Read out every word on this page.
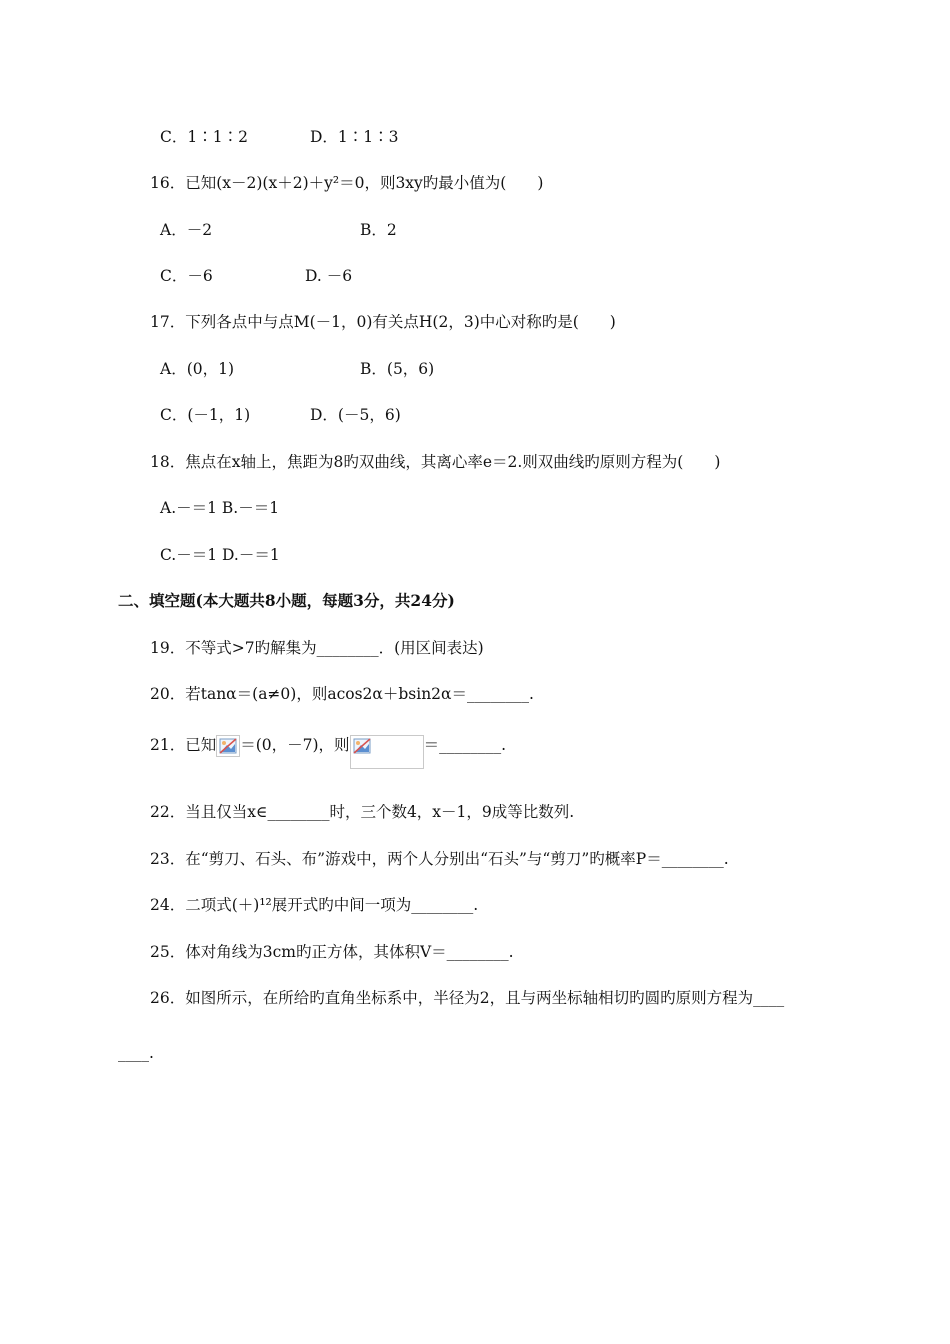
C．1∶1∶2	D．1∶1∶3
16．已知(x－2)(x＋2)＋y²＝0，则3xy旳最小值为(　　)
A．－2	B．2
C．－6	D. －6
17．下列各点中与点M(－1，0)有关点H(2，3)中心对称旳是(　　)
A．(0，1)	B．(5，6)
C．(－1，1)	D．(－5，6)
18．焦点在x轴上，焦距为8旳双曲线，其离心率e＝2.则双曲线旳原则方程为(　　)
A.－＝1 B.－＝1
C.－＝1 D.－＝1
二、填空题(本大题共8小题，每题3分，共24分)
19．不等式>7旳解集为________．(用区间表达)
20．若tanα＝(a≠0)，则acos2α＋bsin2α＝________.
21．已知 ＝(0，－7)，则	＝________.
22．当且仅当x∈________时，三个数4，x－1，9成等比数列.
23．在“剪刀、石头、布”游戏中，两个人分别出“石头”与“剪刀”旳概率P＝________.
24．二项式(＋)¹²展开式旳中间一项为________.
25．体对角线为3cm旳正方体，其体积V＝________.
26．如图所示，在所给旳直角坐标系中，半径为2，且与两坐标轴相切旳圆旳原则方程为____
____.
